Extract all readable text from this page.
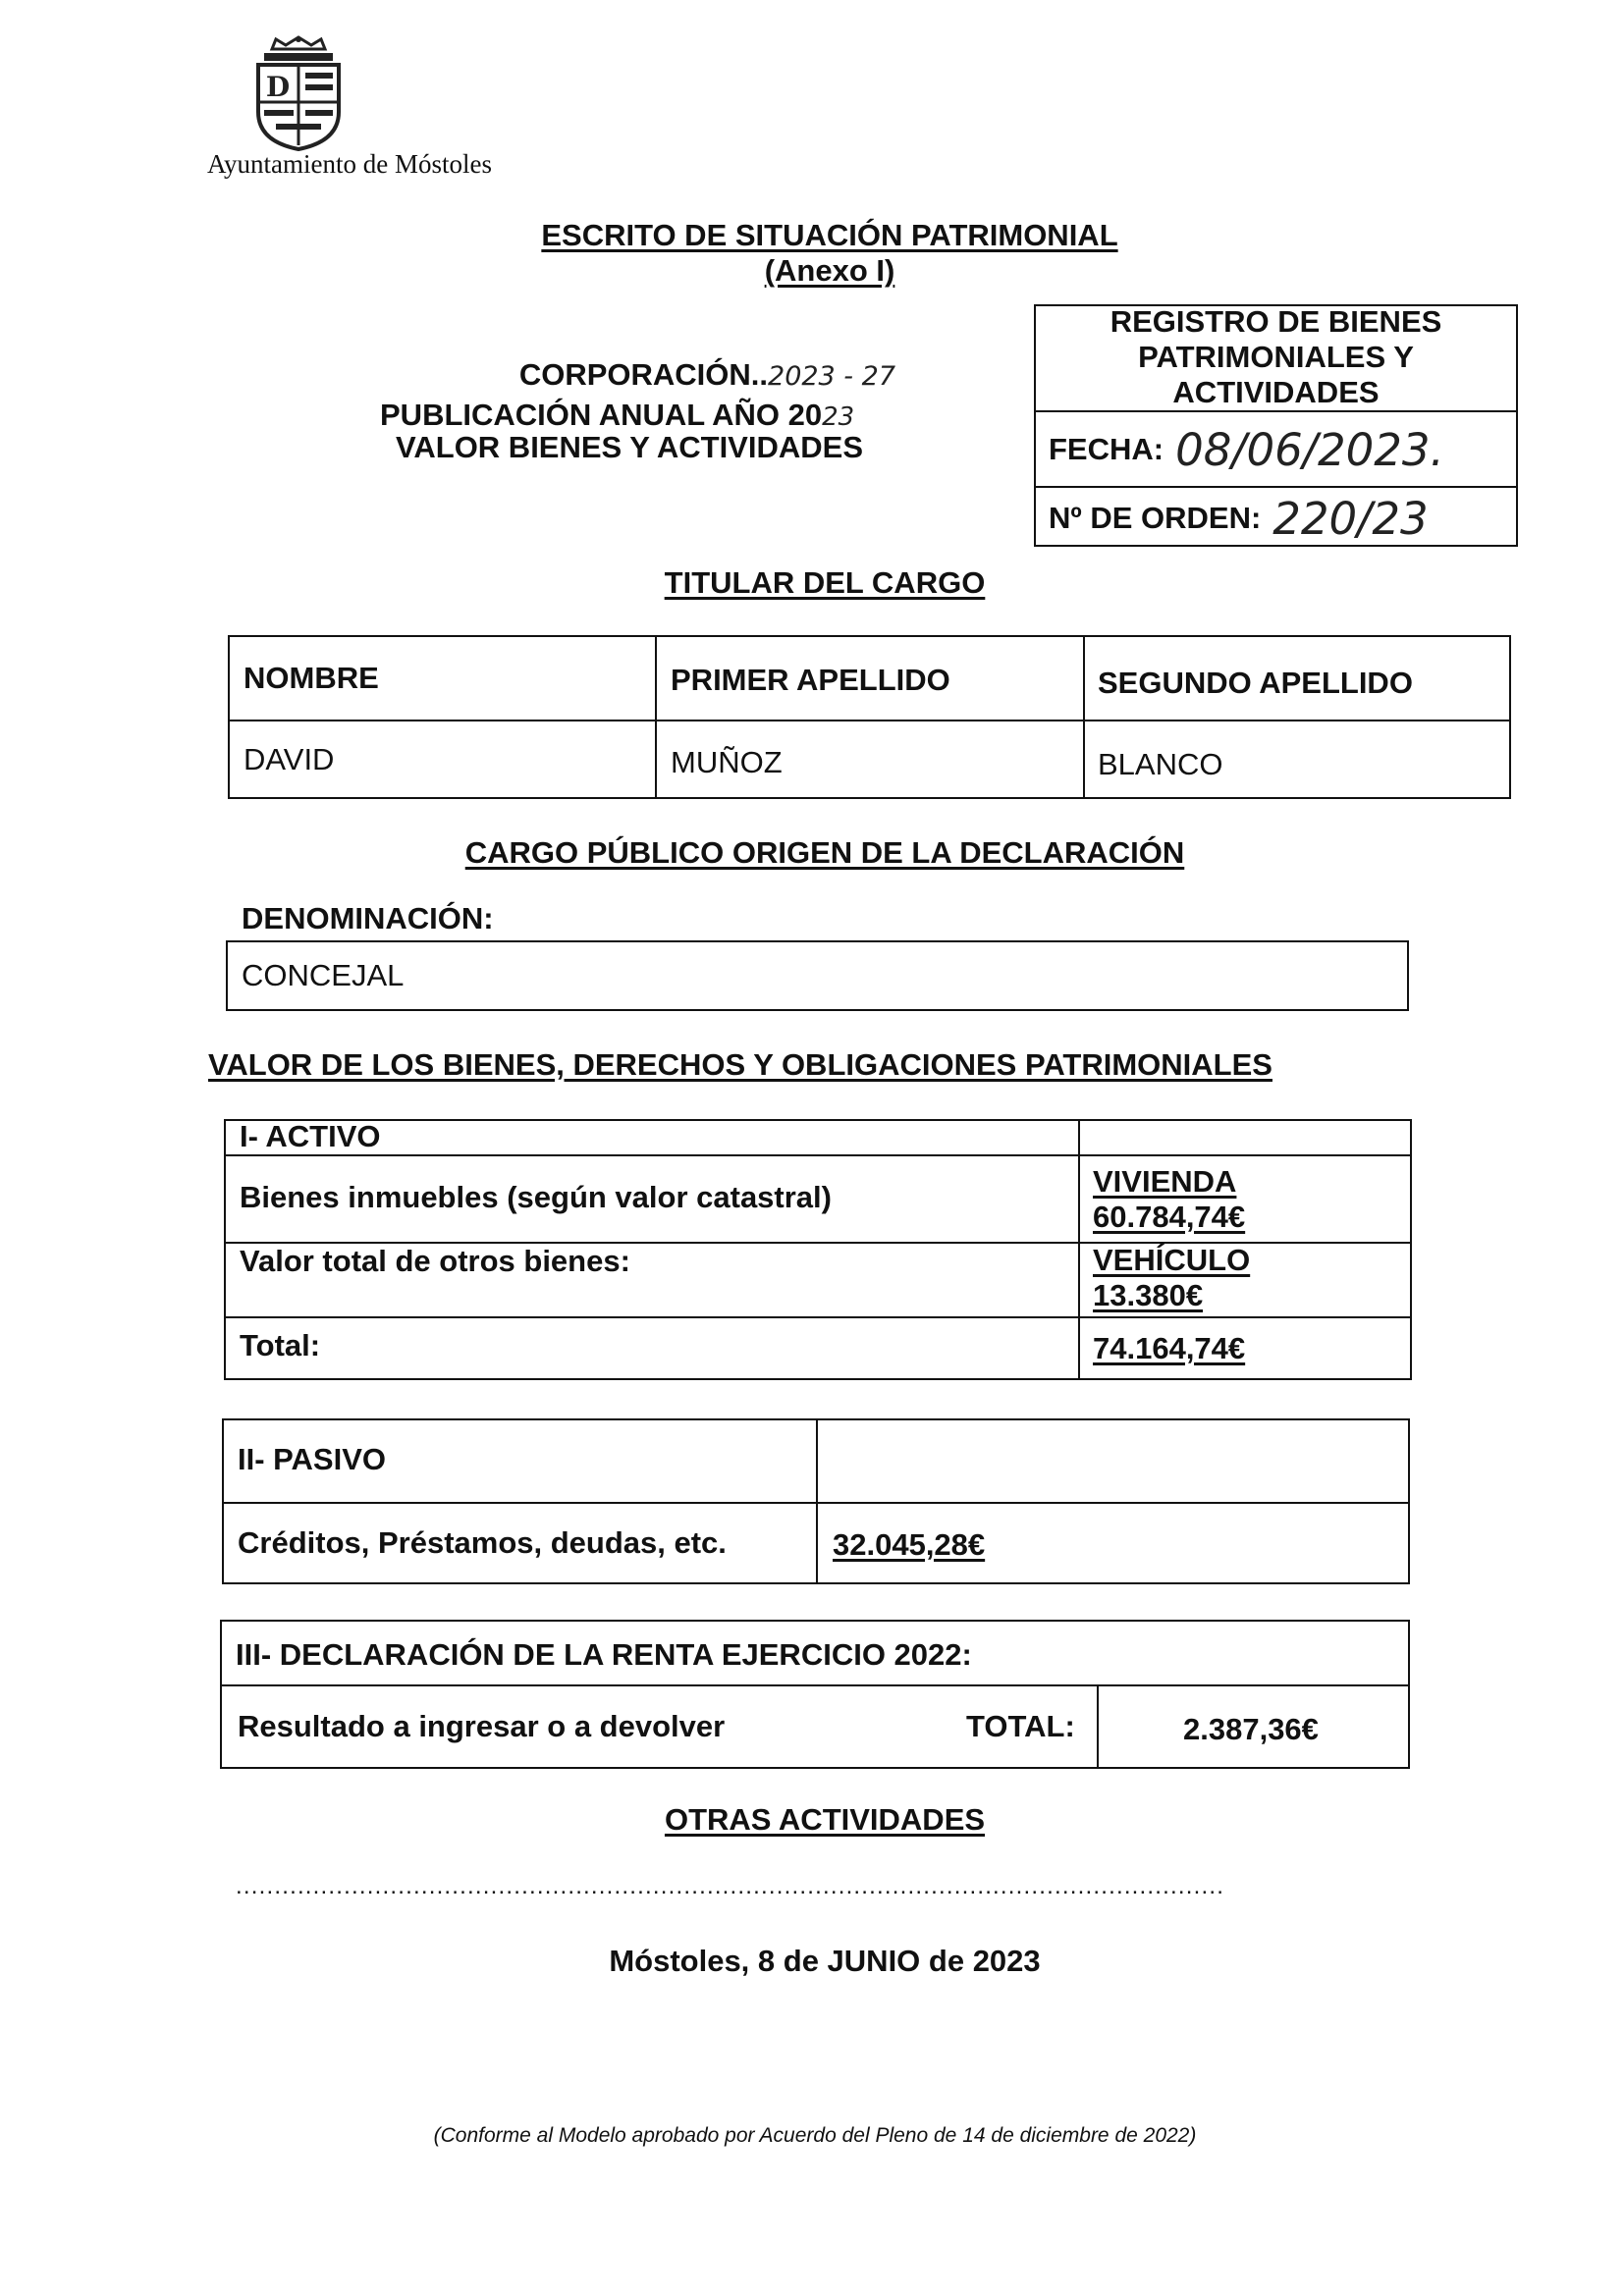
D
Ayuntamiento de Móstoles
ESCRITO DE SITUACIÓN PATRIMONIAL
(Anexo I)
CORPORACIÓN..2023 - 27
PUBLICACIÓN ANUAL AÑO 2023
VALOR BIENES Y ACTIVIDADES
REGISTRO DE BIENES
PATRIMONIALES Y
ACTIVIDADES
FECHA: 08/06/2023.
Nº DE ORDEN: 220/23
TITULAR DEL CARGO
NOMBRE	PRIMER APELLIDO	SEGUNDO APELLIDO
DAVID	MUÑOZ	BLANCO
CARGO PÚBLICO ORIGEN DE LA DECLARACIÓN
DENOMINACIÓN:
CONCEJAL
VALOR DE LOS BIENES, DERECHOS Y OBLIGACIONES PATRIMONIALES
I- ACTIVO
Bienes inmuebles (según valor catastral)	VIVIENDA
60.784,74€
Valor total de otros bienes:	VEHÍCULO
13.380€
Total:	74.164,74€
II- PASIVO
Créditos, Préstamos, deudas, etc.	32.045,28€
III- DECLARACIÓN DE LA RENTA EJERCICIO 2022:
Resultado a ingresar o a devolver	TOTAL:	2.387,36€
OTRAS ACTIVIDADES
................................................................................................................................
Móstoles, 8 de JUNIO de 2023
(Conforme al Modelo aprobado por Acuerdo del Pleno de 14 de diciembre de 2022)
